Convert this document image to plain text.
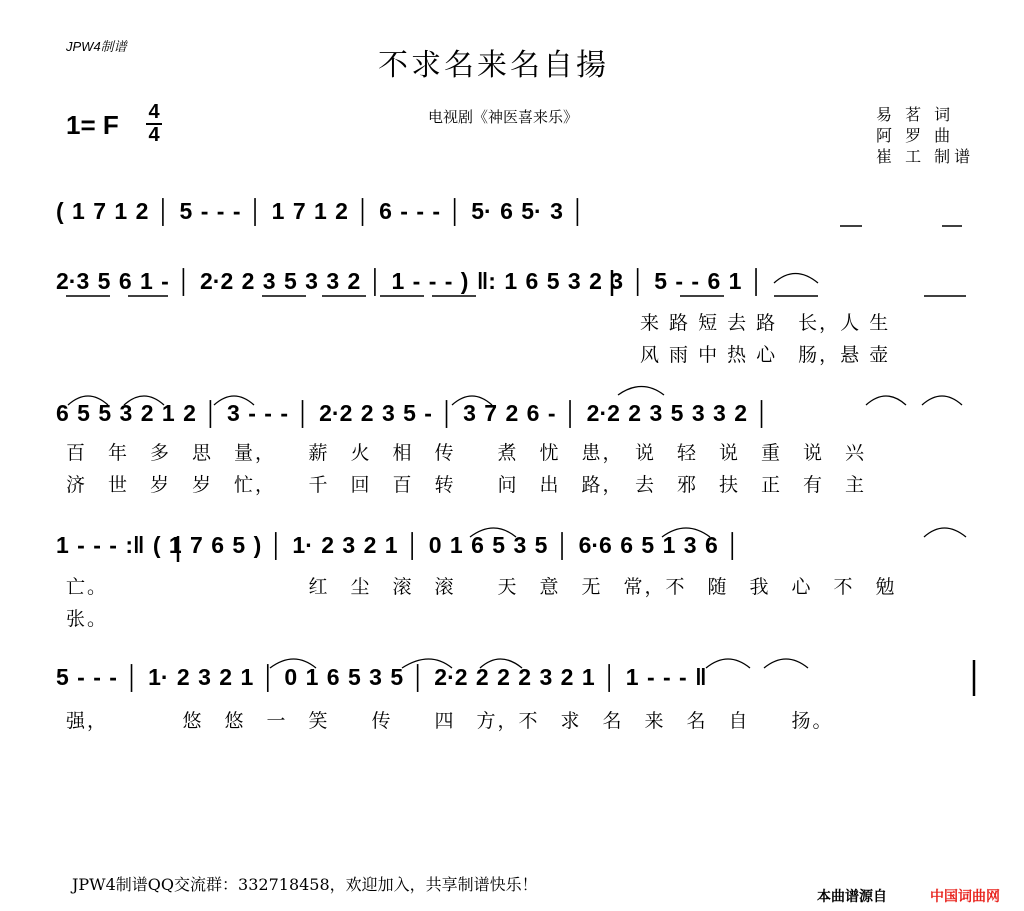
JPW4制谱
不求名来名自揚
1= F 4
4
电视剧《神医喜来乐》	易 茗 词
阿 罗 曲
崔 工 制谱
( 1 7 1 2 │ 5 - - - │ 1 7 1 2 │ 6 - - - │ 5· 6 5· 3 │
2·3 5 6 1 - │ 2·2 2 3 5 3 3 2 │ 1 - - - ) ‖: 1 6 5 3 2 3 │ 5 - - 6 1 │
来 路 短 去 路　长，人 生
风 雨 中 热 心　肠，悬 壶
6 5 5 3 2 1 2 │ 3 - - - │ 2·2 2 3 5 - │ 3 7 2 6 - │ 2·2 2 3 5 3 3 2 │
百　年　多　思　量，　　薪　火　相　传　　煮　忧　患，　说　轻　说　重　说　兴
济　世　岁　岁　忙，　　千　回　百　转　　问　出　路，　去　邪　扶　正　有　主
1 - - - :‖ ( 1 7 6 5 ) │ 1· 2 3 2 1 │ 0 1 6 5 3 5 │ 6·6 6 5 1 3 6 │
亡。　　　　　　　　　　红　尘　滚　滚　　天　意　无　常，不　随　我　心　不　勉
张。
5 - - - │ 1· 2 3 2 1 │ 0 1 6 5 3 5 │ 2·2 2 2 2 3 2 1 │ 1 - - - ‖
强，　　　　悠　悠　一　笑　　传　　四　方，不　求　名　来　名　自　　扬。
JPW4制谱QQ交流群：332718458，欢迎加入，共享制谱快乐！
本曲谱源自	中国词曲网
